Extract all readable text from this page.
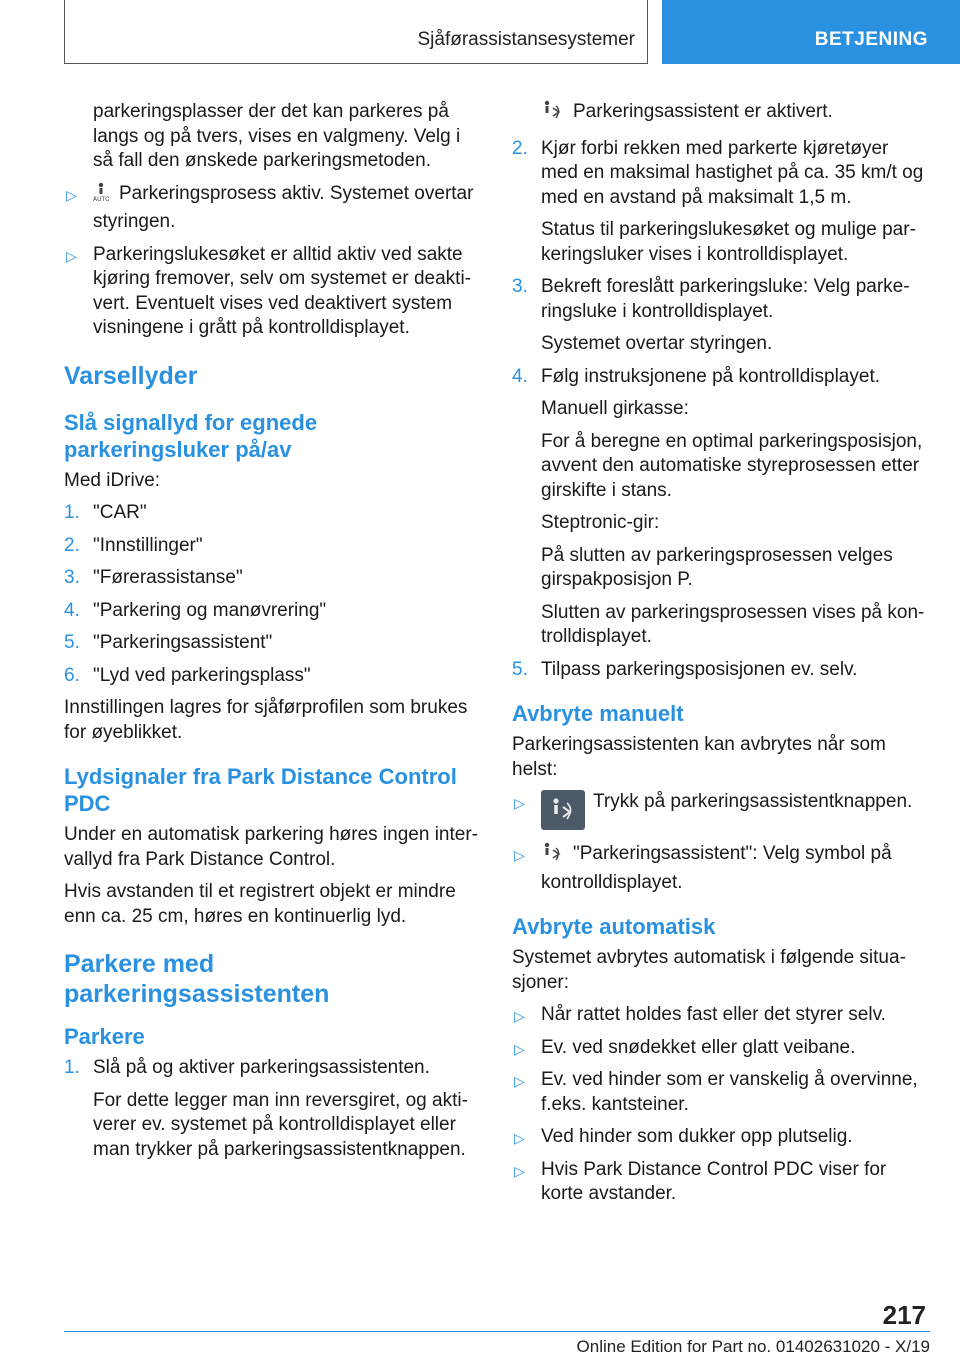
Sjåførassistansesystemer	BETJENING

parkeringsplasser der det kan parkeres på langs og på tvers, vises en valgmeny. Velg i så fall den ønskede parkeringsmetoden.

▷	AUTO Parkeringsprosess aktiv. Systemet overtar styringen.
▷ Parkeringslukesøket er alltid aktiv ved sakte kjøring fremover, selv om systemet er deaktivert. Eventuelt vises ved deaktivert system visningene i grått på kontrolldisplayet.
Varsellyder
Slå signallyd for egnede parkeringsluker på/av

Med iDrive:

1. "CAR"
2. "Innstillinger"
3. "Førerassistanse"
4. "Parkering og manøvrering"
5. "Parkeringsassistent"
6. "Lyd ved parkeringsplass"

Innstillingen lagres for sjåførprofilen som brukes for øyeblikket.

Lydsignaler fra Park Distance Control PDC

Under en automatisk parkering høres ingen intervallyd fra Park Distance Control.

Hvis avstanden til et registrert objekt er mindre enn ca. 25 cm, høres en kontinuerlig lyd.

Parkere med parkeringsassistenten
Parkere
1. Slå på og aktiver parkeringsassistenten.

For dette legger man inn reversgiret, og aktiverer ev. systemet på kontrolldisplayet eller man trykker på parkeringsassistentknappen.

Parkeringsassistent er aktivert.

2. Kjør forbi rekken med parkerte kjøretøyer med en maksimal hastighet på ca. 35 km/t og med en avstand på maksimalt 1,5 m.

Status til parkeringslukesøket og mulige parkeringsluker vises i kontrolldisplayet.

3. Bekreft foreslått parkeringsluke: Velg parkeringsluke i kontrolldisplayet.

Systemet overtar styringen.

4. Følg instruksjonene på kontrolldisplayet.

Manuell girkasse:

For å beregne en optimal parkeringsposisjon, avvent den automatiske styreprosessen etter girskifte i stans.

Steptronic-gir:

På slutten av parkeringsprosessen velges girspakposisjon P.

Slutten av parkeringsprosessen vises på kontrolldisplayet.

5. Tilpass parkeringsposisjonen ev. selv.
Avbryte manuelt

Parkeringsassistenten kan avbrytes når som helst:

▷	Trykk på parkeringsassistentknappen.
▷	"Parkeringsassistent": Velg symbol på kontrolldisplayet.
Avbryte automatisk

Systemet avbrytes automatisk i følgende situasjoner:

▷ Når rattet holdes fast eller det styrer selv.
▷ Ev. ved snødekket eller glatt veibane.
▷ Ev. ved hinder som er vanskelig å overvinne, f.eks. kantsteiner.
▷ Ved hinder som dukker opp plutselig.
▷ Hvis Park Distance Control PDC viser for korte avstander.
217
Online Edition for Part no. 01402631020 - X/19
